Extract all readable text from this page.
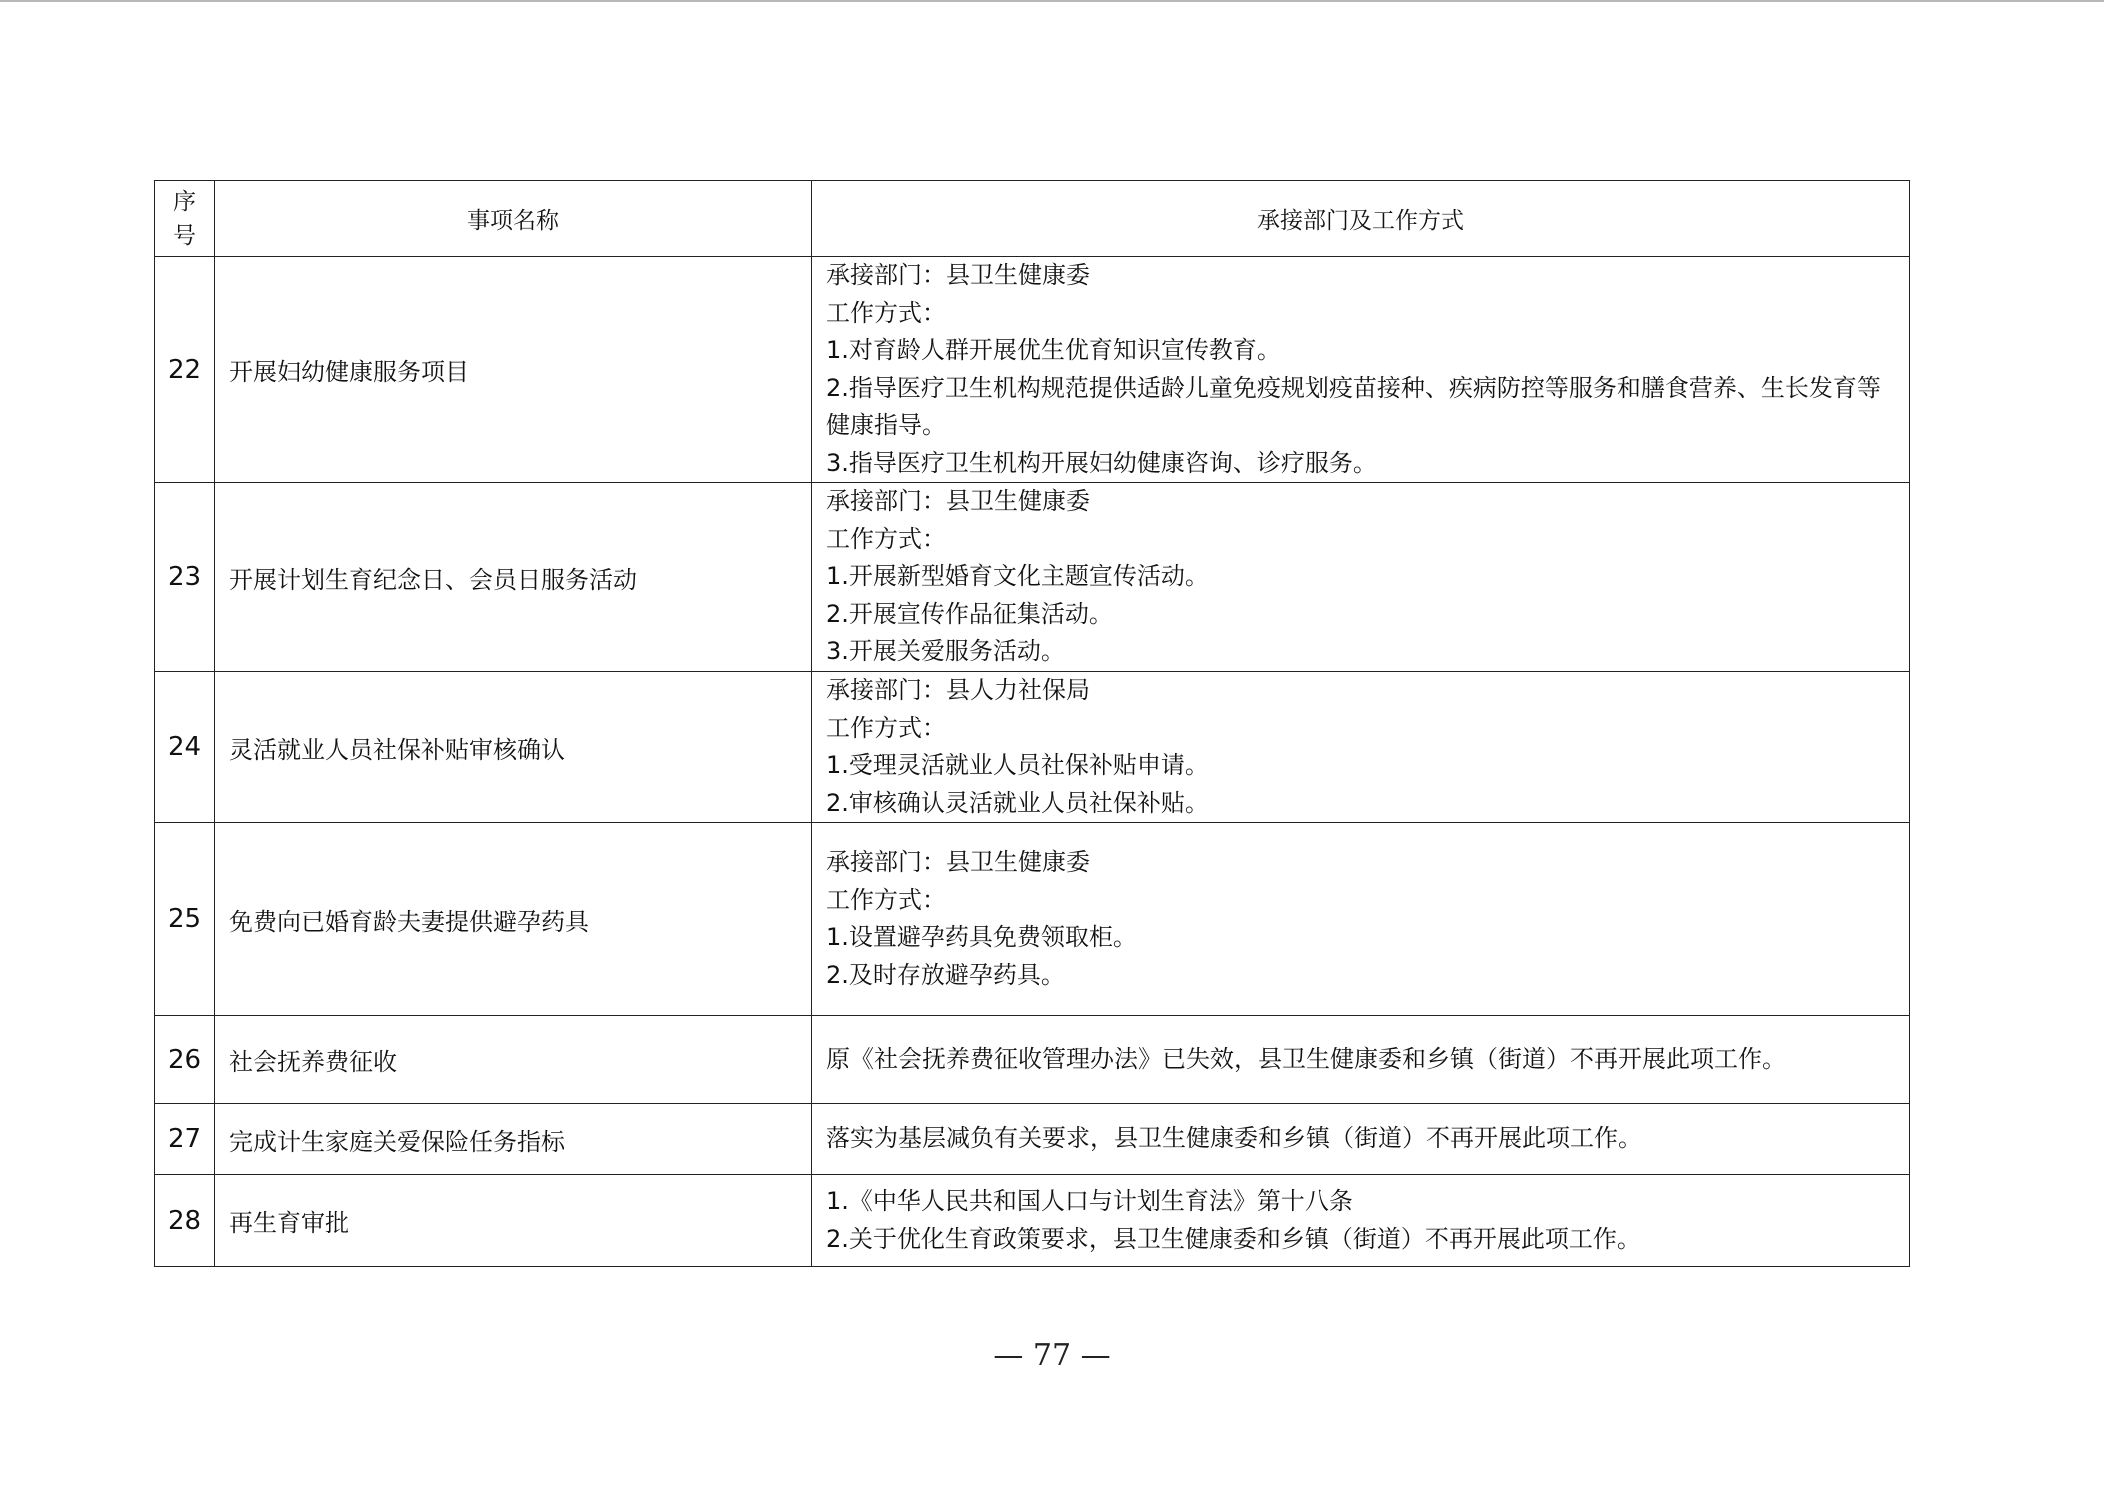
序号	事项名称	承接部门及工作方式
22	开展妇幼健康服务项目	承接部门：县卫生健康委
工作方式：
1.对育龄人群开展优生优育知识宣传教育。
2.指导医疗卫生机构规范提供适龄儿童免疫规划疫苗接种、疾病防控等服务和膳食营养、生长发育等健康指导。
3.指导医疗卫生机构开展妇幼健康咨询、诊疗服务。

23	开展计划生育纪念日、会员日服务活动	承接部门：县卫生健康委
工作方式：
1.开展新型婚育文化主题宣传活动。
2.开展宣传作品征集活动。
3.开展关爱服务活动。

24	灵活就业人员社保补贴审核确认	承接部门：县人力社保局
工作方式：
1.受理灵活就业人员社保补贴申请。
2.审核确认灵活就业人员社保补贴。

25	免费向已婚育龄夫妻提供避孕药具	承接部门：县卫生健康委
工作方式：
1.设置避孕药具免费领取柜。
2.及时存放避孕药具。

26	社会抚养费征收	原《社会抚养费征收管理办法》已失效，县卫生健康委和乡镇（街道）不再开展此项工作。

27	完成计生家庭关爱保险任务指标	落实为基层减负有关要求，县卫生健康委和乡镇（街道）不再开展此项工作。

28	再生育审批	1.《中华人民共和国人口与计划生育法》第十八条
2.关于优化生育政策要求，县卫生健康委和乡镇（街道）不再开展此项工作。
— 77 —
